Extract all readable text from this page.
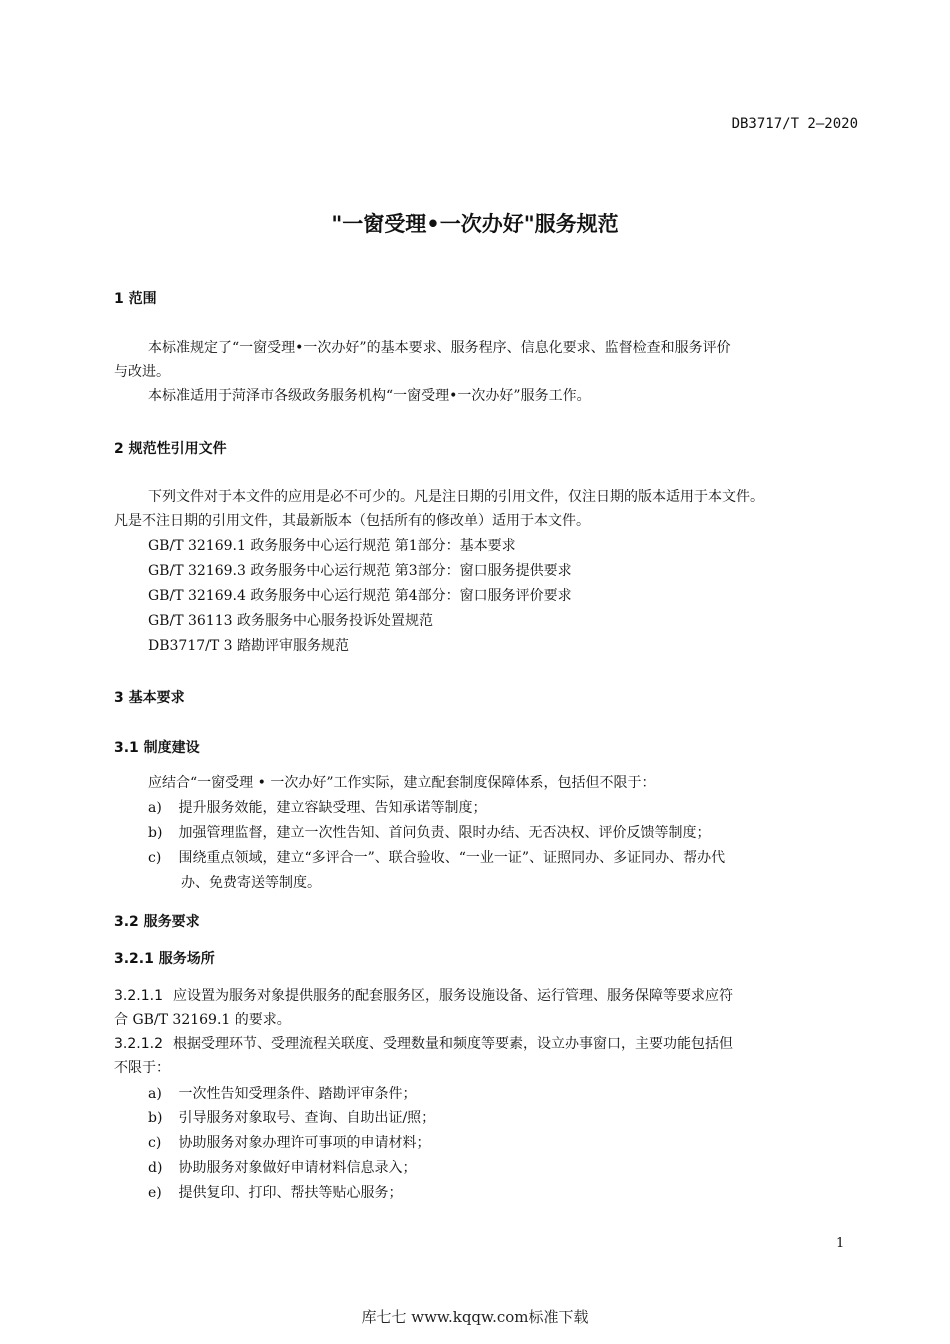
DB3717/T 2—2020
"一窗受理•一次办好"服务规范
1 范围
本标准规定了“一窗受理•一次办好”的基本要求、服务程序、信息化要求、监督检查和服务评价
与改进。
本标准适用于菏泽市各级政务服务机构“一窗受理•一次办好”服务工作。
2 规范性引用文件
下列文件对于本文件的应用是必不可少的。凡是注日期的引用文件，仅注日期的版本适用于本文件。
凡是不注日期的引用文件，其最新版本（包括所有的修改单）适用于本文件。
GB/T 32169.1 政务服务中心运行规范 第1部分：基本要求
GB/T 32169.3 政务服务中心运行规范 第3部分：窗口服务提供要求
GB/T 32169.4 政务服务中心运行规范 第4部分：窗口服务评价要求
GB/T 36113 政务服务中心服务投诉处置规范
DB3717/T 3 踏勘评审服务规范
3 基本要求
3.1 制度建设
应结合“一窗受理 • 一次办好”工作实际，建立配套制度保障体系，包括但不限于：
a) 提升服务效能，建立容缺受理、告知承诺等制度；
b) 加强管理监督，建立一次性告知、首问负责、限时办结、无否决权、评价反馈等制度；
c) 围绕重点领域，建立“多评合一”、联合验收、“一业一证”、证照同办、多证同办、帮办代
办、免费寄送等制度。
3.2 服务要求
3.2.1 服务场所
3.2.1.1 应设置为服务对象提供服务的配套服务区，服务设施设备、运行管理、服务保障等要求应符
合 GB/T 32169.1 的要求。
3.2.1.2 根据受理环节、受理流程关联度、受理数量和频度等要素，设立办事窗口，主要功能包括但
不限于：
a) 一次性告知受理条件、踏勘评审条件；
b) 引导服务对象取号、查询、自助出证/照；
c) 协助服务对象办理许可事项的申请材料；
d) 协助服务对象做好申请材料信息录入；
e) 提供复印、打印、帮扶等贴心服务；
1
库七七 www.kqqw.com标准下载
